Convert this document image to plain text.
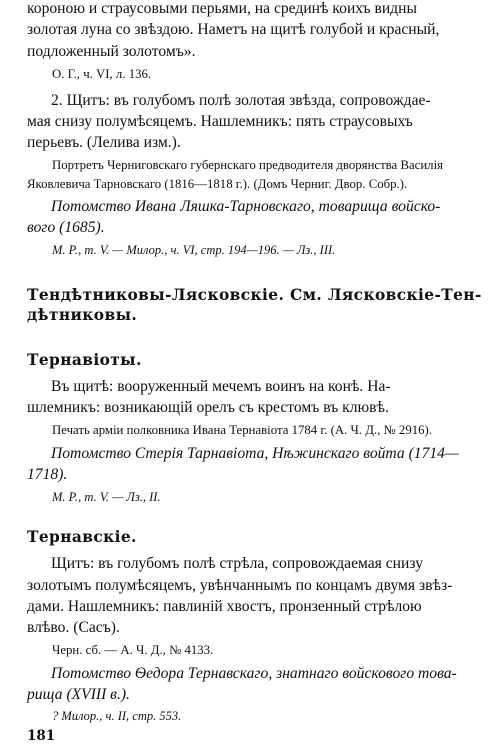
короною и страусовыми перьями, на срединѣ коихъ видны
золотая луна со звѣздою. Наметъ на щитѣ голубой и красный,
подложенный золотомъ».
О. Г., ч. VI, л. 136.
2. Щитъ: въ голубомъ полѣ золотая звѣзда, сопровождае-
мая снизу полумѣсяцемъ. Нашлемникъ: пять страусовыхъ
перьевъ. (Лелива изм.).
Портретъ Черниговскаго губернскаго предводителя дворянства Василія
Яковлевича Тарновскаго (1816—1818 г.). (Домъ Черниг. Двор. Собр.).
Потомство Ивана Ляшка-Тарновскаго, товарища войско-
вого (1685).
М. Р., т. V. — Милор., ч. VI, стр. 194—196. — Лз., III.
Тендѣтниковы-Лясковскіе. См. Лясковскіе-Тен-
дѣтниковы.
Тернавіоты.
Въ щитѣ: вооруженный мечемъ воинъ на конѣ. На-
шлемникъ: возникающій орелъ съ крестомъ въ клювѣ.
Печать арміи полковника Ивана Тернавіота 1784 г. (А. Ч. Д., № 2916).
Потомство Стерія Тарнавіота, Нѣжинскаго войта (1714—
1718).
М. Р., т. V. — Лз., II.
Тернавскіе.
Щитъ: въ голубомъ полѣ стрѣла, сопровождаемая снизу
золотымъ полумѣсяцемъ, увѣнчаннымъ по концамъ двумя звѣз-
дами. Нашлемникъ: павлиній хвостъ, пронзенный стрѣлою
влѣво. (Сасъ).
Черн. сб. — А. Ч. Д., № 4133.
Потомство Ѳедора Тернавскаго, знатнаго войскового това-
рища (XVIII в.).
? Милор., ч. II, стр. 553.
181
